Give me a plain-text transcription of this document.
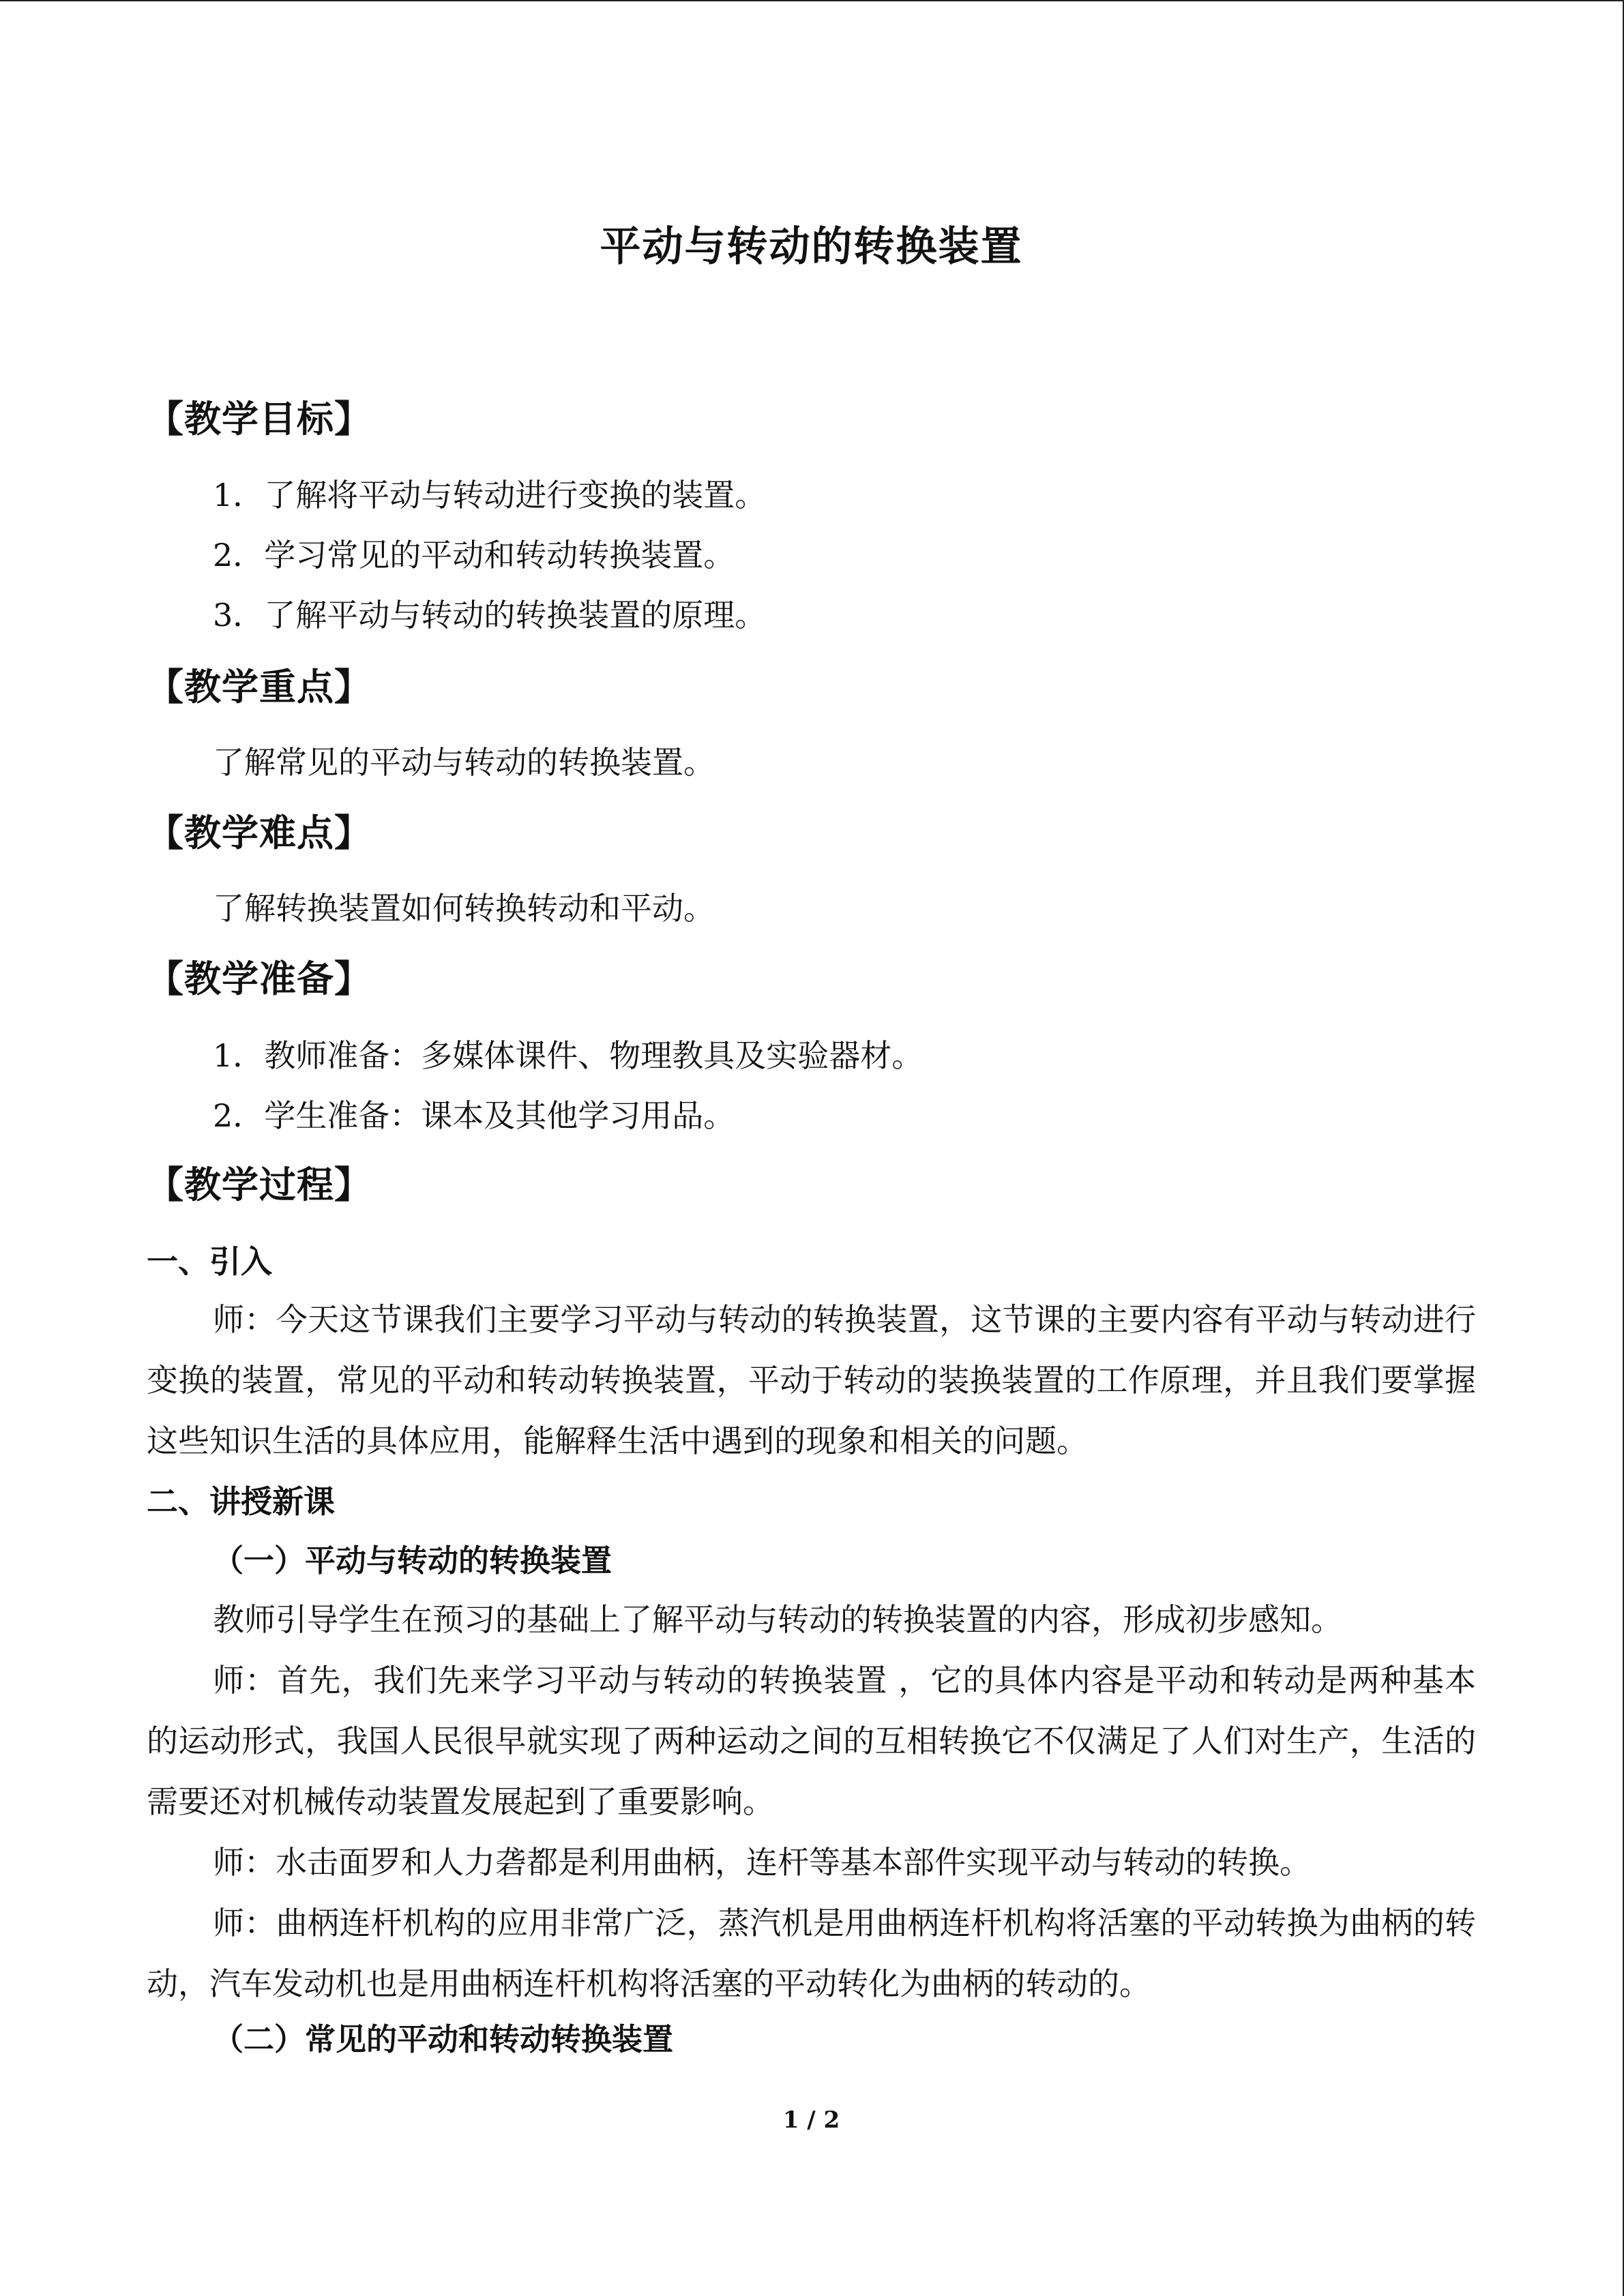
平动与转动的转换装置
【教学目标】
1．了解将平动与转动进行变换的装置。
2．学习常见的平动和转动转换装置。
3．了解平动与转动的转换装置的原理。
【教学重点】
了解常见的平动与转动的转换装置。
【教学难点】
了解转换装置如何转换转动和平动。
【教学准备】
1．教师准备：多媒体课件、物理教具及实验器材。
2．学生准备：课本及其他学习用品。
【教学过程】
一、引入
师：今天这节课我们主要学习平动与转动的转换装置，这节课的主要内容有平动与转动进行变换的装置，常见的平动和转动转换装置，平动于转动的装换装置的工作原理，并且我们要掌握这些知识生活的具体应用，能解释生活中遇到的现象和相关的问题。
二、讲授新课
（一）平动与转动的转换装置
教师引导学生在预习的基础上了解平动与转动的转换装置的内容，形成初步感知。
师：首先，我们先来学习平动与转动的转换装置 ，它的具体内容是平动和转动是两种基本的运动形式，我国人民很早就实现了两种运动之间的互相转换它不仅满足了人们对生产，生活的需要还对机械传动装置发展起到了重要影响。
师：水击面罗和人力砻都是利用曲柄，连杆等基本部件实现平动与转动的转换。
师：曲柄连杆机构的应用非常广泛，蒸汽机是用曲柄连杆机构将活塞的平动转换为曲柄的转动，汽车发动机也是用曲柄连杆机构将活塞的平动转化为曲柄的转动的。
（二）常见的平动和转动转换装置
1 / 2
